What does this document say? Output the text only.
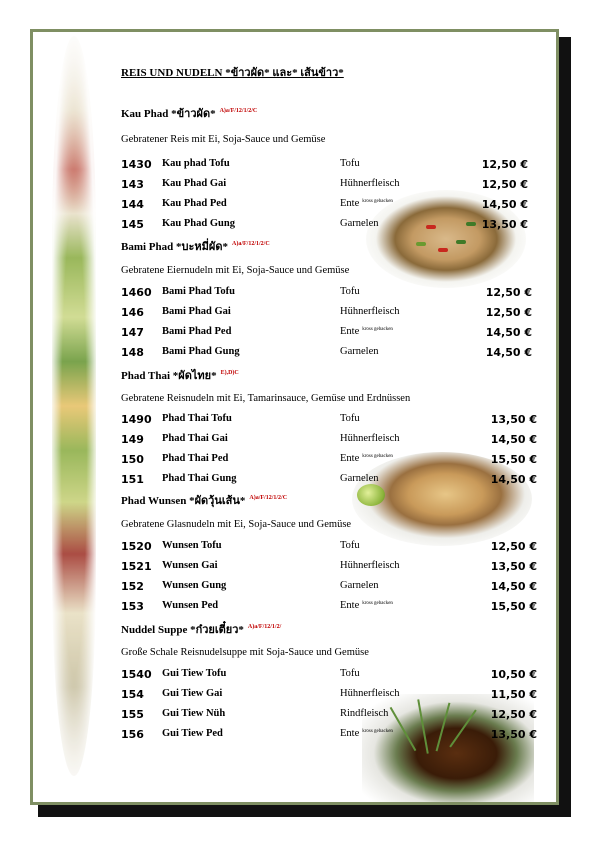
REIS UND NUDELN *ข้าวผัด* และ* เส้นข้าว*
Kau Phad *ข้าวผัด* $^{A)a/F/12/1/2/C}$
Gebratener Reis mit Ei, Soja-Sauce und Gemüse
1430 Kau phad Tofu	Tofu	12,50 €
143 Kau Phad Gai	Hühnerfleisch	12,50 €
144 Kau Phad Ped	Ente $^{kross gebacken}$	14,50 €
145 Kau Phad Gung	Garnelen	13,50 €
Bami Phad *บะหมี่ผัด* $^{A)a/F/12/1/2/C}$
Gebratene Eiernudeln mit Ei, Soja-Sauce und Gemüse
1460 Bami Phad Tofu	Tofu	12,50 €
146 Bami Phad Gai	Hühnerfleisch	12,50 €
147 Bami Phad Ped	Ente $^{kross gebacken}$	14,50 €
148 Bami Phad Gung	Garnelen	14,50 €
Phad Thai *ผัดไทย* $^{E),D)C}$
Gebratene Reisnudeln mit Ei, Tamarinsauce, Gemüse und Erdnüssen
1490 Phad Thai Tofu	Tofu	13,50 €
149 Phad Thai Gai	Hühnerfleisch	14,50 €
150 Phad Thai Ped	Ente $^{kross gebacken}$	15,50 €
151 Phad Thai Gung	Garnelen	14,50 €
Phad Wunsen *ผัดวุ้นเส้น* $^{A)a/F/12/1/2/C}$
Gebratene Glasnudeln mit Ei, Soja-Sauce und Gemüse
1520 Wunsen Tofu	Tofu	12,50 €
1521 Wunsen Gai	Hühnerfleisch	13,50 €
152 Wunsen Gung	Garnelen	14,50 €
153 Wunsen Ped	Ente $^{kross gebacken}$	15,50 €
Nuddel Suppe *ก๋วยเตี๋ยว* $^{A)a/F/12/1/2/}$
Große Schale Reisnudelsuppe mit Soja-Sauce und Gemüse
1540 Gui Tiew Tofu	Tofu	10,50 €
154 Gui Tiew Gai	Hühnerfleisch	11,50 €
155 Gui Tiew Nüh	Rindfleisch	12,50 €
156 Gui Tiew Ped	Ente $^{kross gebacken}$	13,50 €
